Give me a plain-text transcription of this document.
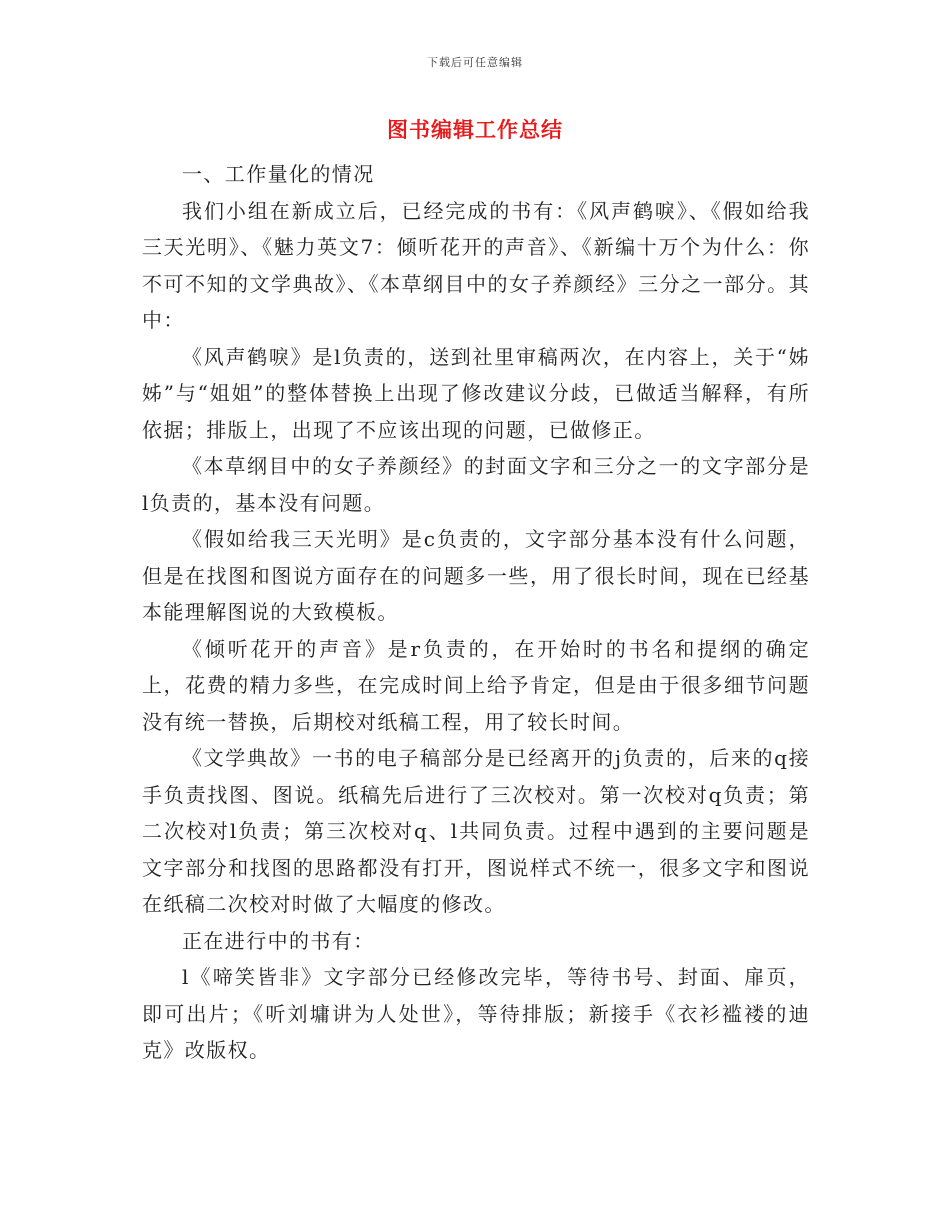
下载后可任意编辑
图书编辑工作总结

一、工作量化的情况

我们小组在新成立后，已经完成的书有：《风声鹤唳》、《假如给我三天光明》、《魅力英文7：倾听花开的声音》、《新编十万个为什么：你不可不知的文学典故》、《本草纲目中的女子养颜经》三分之一部分。其中：

《风声鹤唳》是l负责的，送到社里审稿两次，在内容上，关于“姊姊”与“姐姐”的整体替换上出现了修改建议分歧，已做适当解释，有所依据；排版上，出现了不应该出现的问题，已做修正。

《本草纲目中的女子养颜经》的封面文字和三分之一的文字部分是l负责的，基本没有问题。

《假如给我三天光明》是c负责的，文字部分基本没有什么问题，但是在找图和图说方面存在的问题多一些，用了很长时间，现在已经基本能理解图说的大致模板。

《倾听花开的声音》是r负责的，在开始时的书名和提纲的确定上，花费的精力多些，在完成时间上给予肯定，但是由于很多细节问题没有统一替换，后期校对纸稿工程，用了较长时间。

《文学典故》一书的电子稿部分是已经离开的j负责的，后来的q接手负责找图、图说。纸稿先后进行了三次校对。第一次校对q负责；第二次校对l负责；第三次校对q、l共同负责。过程中遇到的主要问题是文字部分和找图的思路都没有打开，图说样式不统一，很多文字和图说在纸稿二次校对时做了大幅度的修改。

正在进行中的书有：

l《啼笑皆非》文字部分已经修改完毕，等待书号、封面、扉页，即可出片；《听刘墉讲为人处世》，等待排版；新接手《衣衫褴褛的迪克》改版权。
